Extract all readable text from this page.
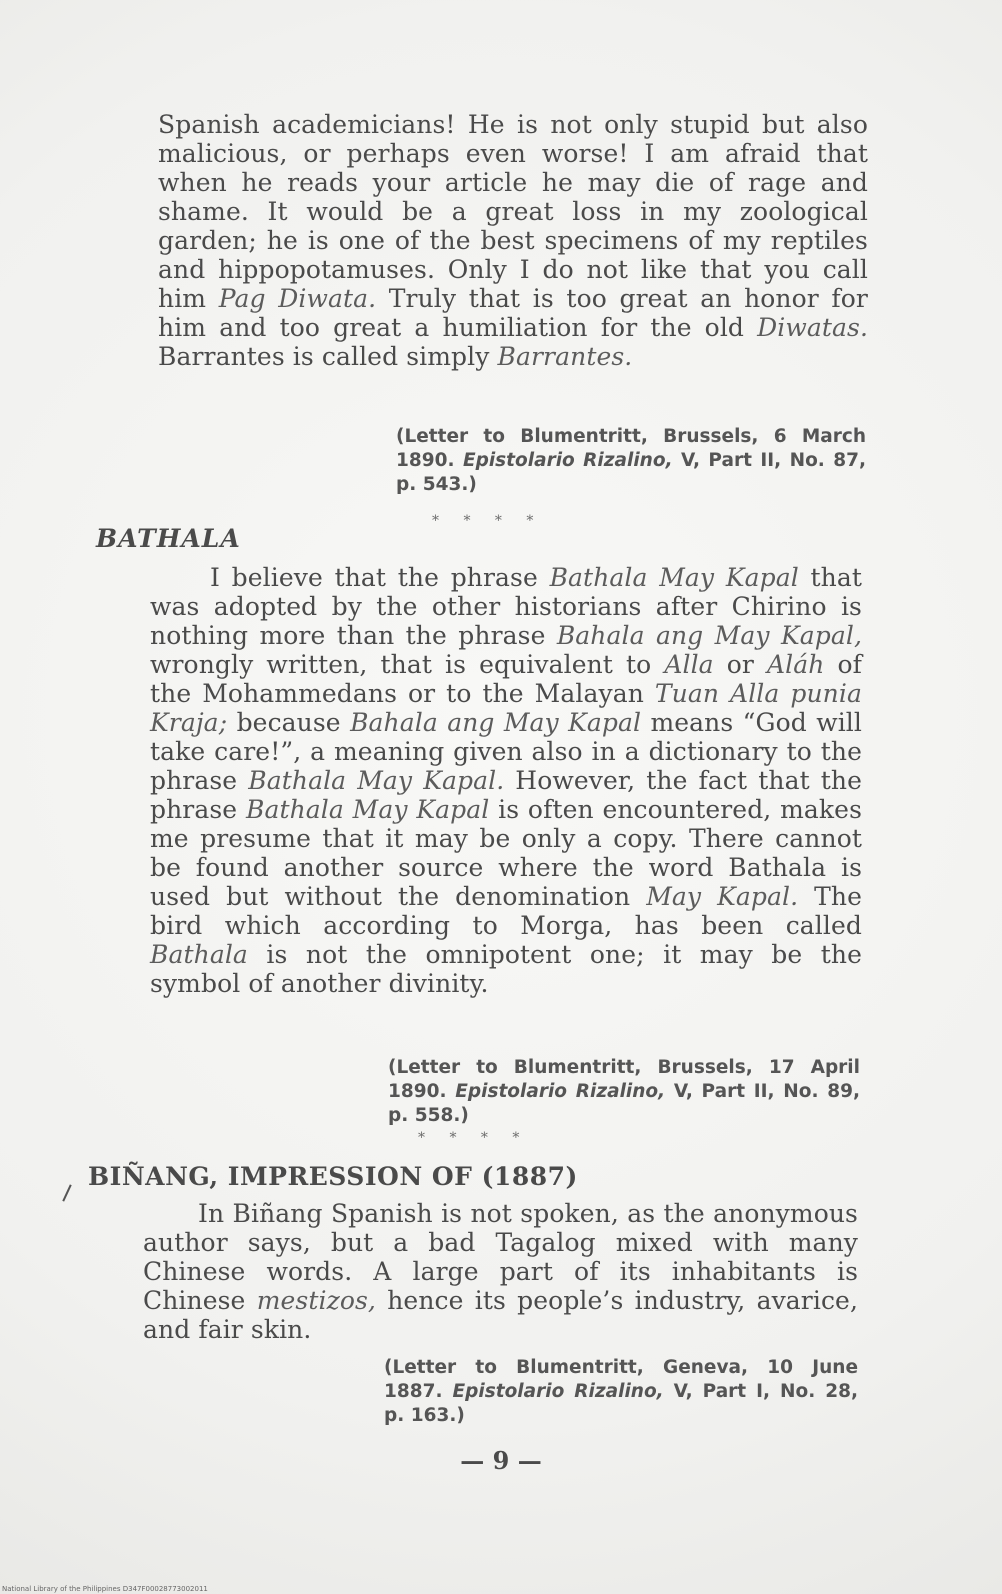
Spanish academicians! He is not only stupid but also malicious, or perhaps even worse! I am afraid that when he reads your article he may die of rage and shame. It would be a great loss in my zoological garden; he is one of the best specimens of my reptiles and hippopotamuses. Only I do not like that you call him Pag Diwata. Truly that is too great an honor for him and too great a humiliation for the old Diwatas. Barrantes is called simply Barrantes.

(Letter to Blumentritt, Brussels, 6 March 1890. Epistolario Rizalino, V, Part II, No. 87, p. 543.)

* * * *
BATHALA

I believe that the phrase Bathala May Kapal that was adopted by the other historians after Chirino is nothing more than the phrase Bahala ang May Kapal, wrongly written, that is equivalent to Alla or Aláh of the Mohammedans or to the Malayan Tuan Alla punia Kraja; because Bahala ang May Kapal means “God will take care!”, a meaning given also in a dictionary to the phrase Bathala May Kapal. However, the fact that the phrase Bathala May Kapal is often encountered, makes me presume that it may be only a copy. There cannot be found another source where the word Bathala is used but without the denomination May Kapal. The bird which according to Morga, has been called Bathala is not the omnipotent one; it may be the symbol of another divinity.

(Letter to Blumentritt, Brussels, 17 April 1890. Epistolario Rizalino, V, Part II, No. 89, p. 558.)

* * * *
BIÑANG, IMPRESSION OF (1887)

In Biñang Spanish is not spoken, as the anonymous author says, but a bad Tagalog mixed with many Chinese words. A large part of its inhabitants is Chinese mestizos, hence its people’s industry, avarice, and fair skin.

(Letter to Blumentritt, Geneva, 10 June 1887. Epistolario Rizalino, V, Part I, No. 28, p. 163.)

— 9 —
National Library of the Philippines D347F00028773002011
